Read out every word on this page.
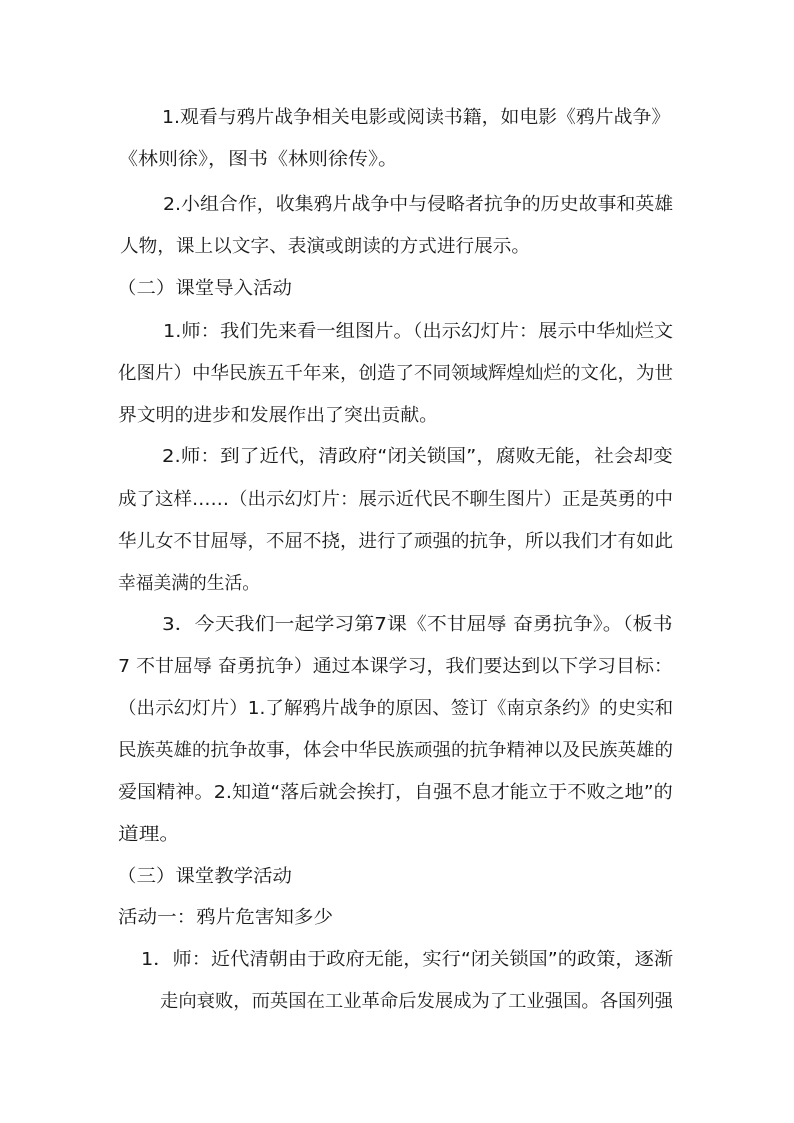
1.观看与鸦片战争相关电影或阅读书籍，如电影《鸦片战争》
《林则徐》，图书《林则徐传》。
2.小组合作，收集鸦片战争中与侵略者抗争的历史故事和英雄
人物，课上以文字、表演或朗读的方式进行展示。
（二）课堂导入活动
1.师：我们先来看一组图片。（出示幻灯片：展示中华灿烂文
化图片）中华民族五千年来，创造了不同领域辉煌灿烂的文化，为世
界文明的进步和发展作出了突出贡献。
2.师：到了近代，清政府“闭关锁国”，腐败无能，社会却变
成了这样……（出示幻灯片：展示近代民不聊生图片）正是英勇的中
华儿女不甘屈辱，不屈不挠，进行了顽强的抗争，所以我们才有如此
幸福美满的生活。
3．今天我们一起学习第7课《不甘屈辱 奋勇抗争》。（板书
7 不甘屈辱 奋勇抗争）通过本课学习，我们要达到以下学习目标：
（出示幻灯片）1.了解鸦片战争的原因、签订《南京条约》的史实和
民族英雄的抗争故事，体会中华民族顽强的抗争精神以及民族英雄的
爱国精神。2.知道“落后就会挨打，自强不息才能立于不败之地”的
道理。
（三）课堂教学活动
活动一：鸦片危害知多少
1．师：近代清朝由于政府无能，实行“闭关锁国”的政策，逐渐
走向衰败，而英国在工业革命后发展成为了工业强国。各国列强
